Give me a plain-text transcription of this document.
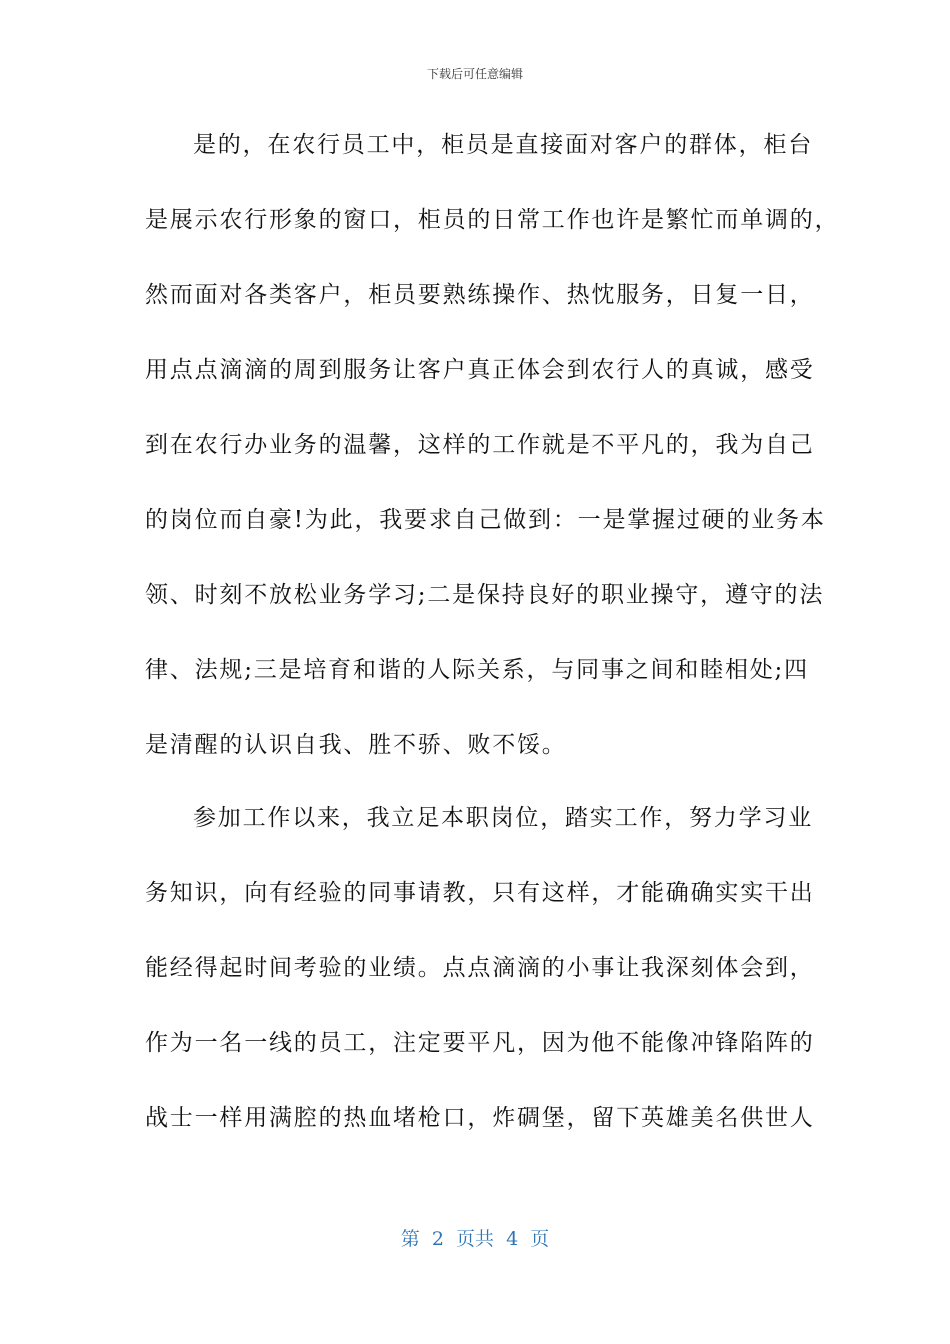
下载后可任意编辑
是的，在农行员工中，柜员是直接面对客户的群体，柜台
是展示农行形象的窗口，柜员的日常工作也许是繁忙而单调的，
然而面对各类客户，柜员要熟练操作、热忱服务，日复一日，
用点点滴滴的周到服务让客户真正体会到农行人的真诚，感受
到在农行办业务的温馨，这样的工作就是不平凡的，我为自己
的岗位而自豪!为此，我要求自己做到：一是掌握过硬的业务本
领、时刻不放松业务学习;二是保持良好的职业操守，遵守的法
律、法规;三是培育和谐的人际关系，与同事之间和睦相处;四
是清醒的认识自我、胜不骄、败不馁。
参加工作以来，我立足本职岗位，踏实工作，努力学习业
务知识，向有经验的同事请教，只有这样，才能确确实实干出
能经得起时间考验的业绩。点点滴滴的小事让我深刻体会到，
作为一名一线的员工，注定要平凡，因为他不能像冲锋陷阵的
战士一样用满腔的热血堵枪口，炸碉堡，留下英雄美名供世人
第  2  页共  4  页
